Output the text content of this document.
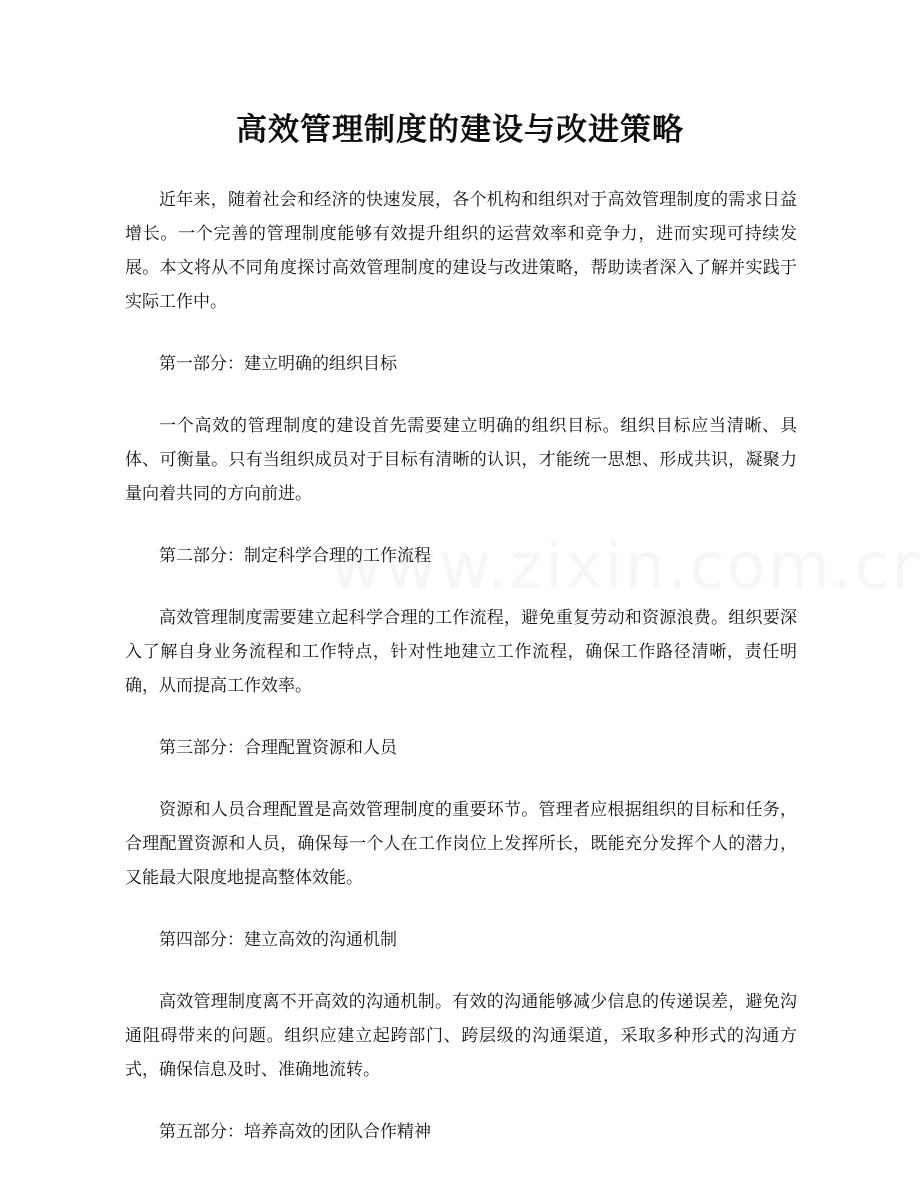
高效管理制度的建设与改进策略

近年来，随着社会和经济的快速发展，各个机构和组织对于高效管理制度的需求日益增长。一个完善的管理制度能够有效提升组织的运营效率和竞争力，进而实现可持续发展。本文将从不同角度探讨高效管理制度的建设与改进策略，帮助读者深入了解并实践于实际工作中。

第一部分：建立明确的组织目标

一个高效的管理制度的建设首先需要建立明确的组织目标。组织目标应当清晰、具体、可衡量。只有当组织成员对于目标有清晰的认识，才能统一思想、形成共识，凝聚力量向着共同的方向前进。

第二部分：制定科学合理的工作流程

高效管理制度需要建立起科学合理的工作流程，避免重复劳动和资源浪费。组织要深入了解自身业务流程和工作特点，针对性地建立工作流程，确保工作路径清晰，责任明确，从而提高工作效率。

第三部分：合理配置资源和人员

资源和人员合理配置是高效管理制度的重要环节。管理者应根据组织的目标和任务，合理配置资源和人员，确保每一个人在工作岗位上发挥所长，既能充分发挥个人的潜力，又能最大限度地提高整体效能。

第四部分：建立高效的沟通机制

高效管理制度离不开高效的沟通机制。有效的沟通能够减少信息的传递误差，避免沟通阻碍带来的问题。组织应建立起跨部门、跨层级的沟通渠道，采取多种形式的沟通方式，确保信息及时、准确地流转。

第五部分：培养高效的团队合作精神
